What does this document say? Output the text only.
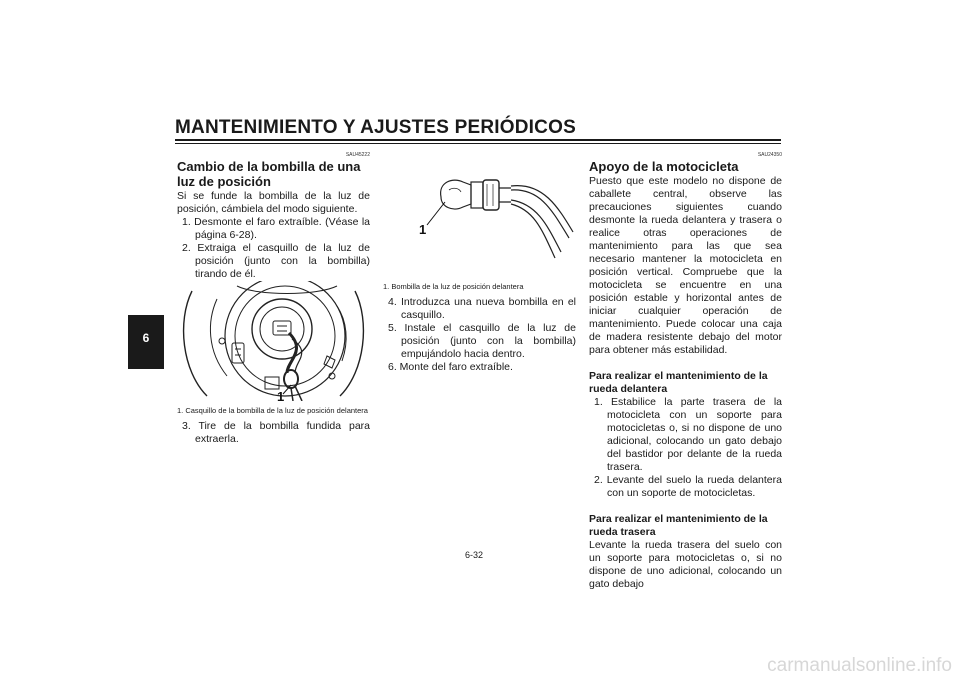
MANTENIMIENTO Y AJUSTES PERIÓDICOS
6
SAU45222
Cambio de la bombilla de una luz de posición

Si se funde la bombilla de la luz de posición, cámbiela del modo siguiente.

1. Desmonte el faro extraíble. (Véase la página 6-28).
2. Extraiga el casquillo de la luz de posición (junto con la bombilla) tirando de él.
1
1. Casquillo de la bombilla de la luz de posición delantera
3. Tire de la bombilla fundida para extraerla.
1
1. Bombilla de la luz de posición delantera
4. Introduzca una nueva bombilla en el casquillo.
5. Instale el casquillo de la luz de posición (junto con la bombilla) empujándolo hacia dentro.
6. Monte del faro extraíble.
SAU24350
Apoyo de la motocicleta

Puesto que este modelo no dispone de caballete central, observe las precauciones siguientes cuando desmonte la rueda delantera y trasera o realice otras operaciones de mantenimiento para las que sea necesario mantener la motocicleta en posición vertical. Compruebe que la motocicleta se encuentre en una posición estable y horizontal antes de iniciar cualquier operación de mantenimiento. Puede colocar una caja de madera resistente debajo del motor para obtener más estabilidad.

Para realizar el mantenimiento de la rueda delantera
1. Estabilice la parte trasera de la motocicleta con un soporte para motocicletas o, si no dispone de uno adicional, colocando un gato debajo del bastidor por delante de la rueda trasera.
2. Levante del suelo la rueda delantera con un soporte de motocicletas.
Para realizar el mantenimiento de la rueda trasera

Levante la rueda trasera del suelo con un soporte para motocicletas o, si no dispone de uno adicional, colocando un gato debajo

6-32
carmanualsonline.info
